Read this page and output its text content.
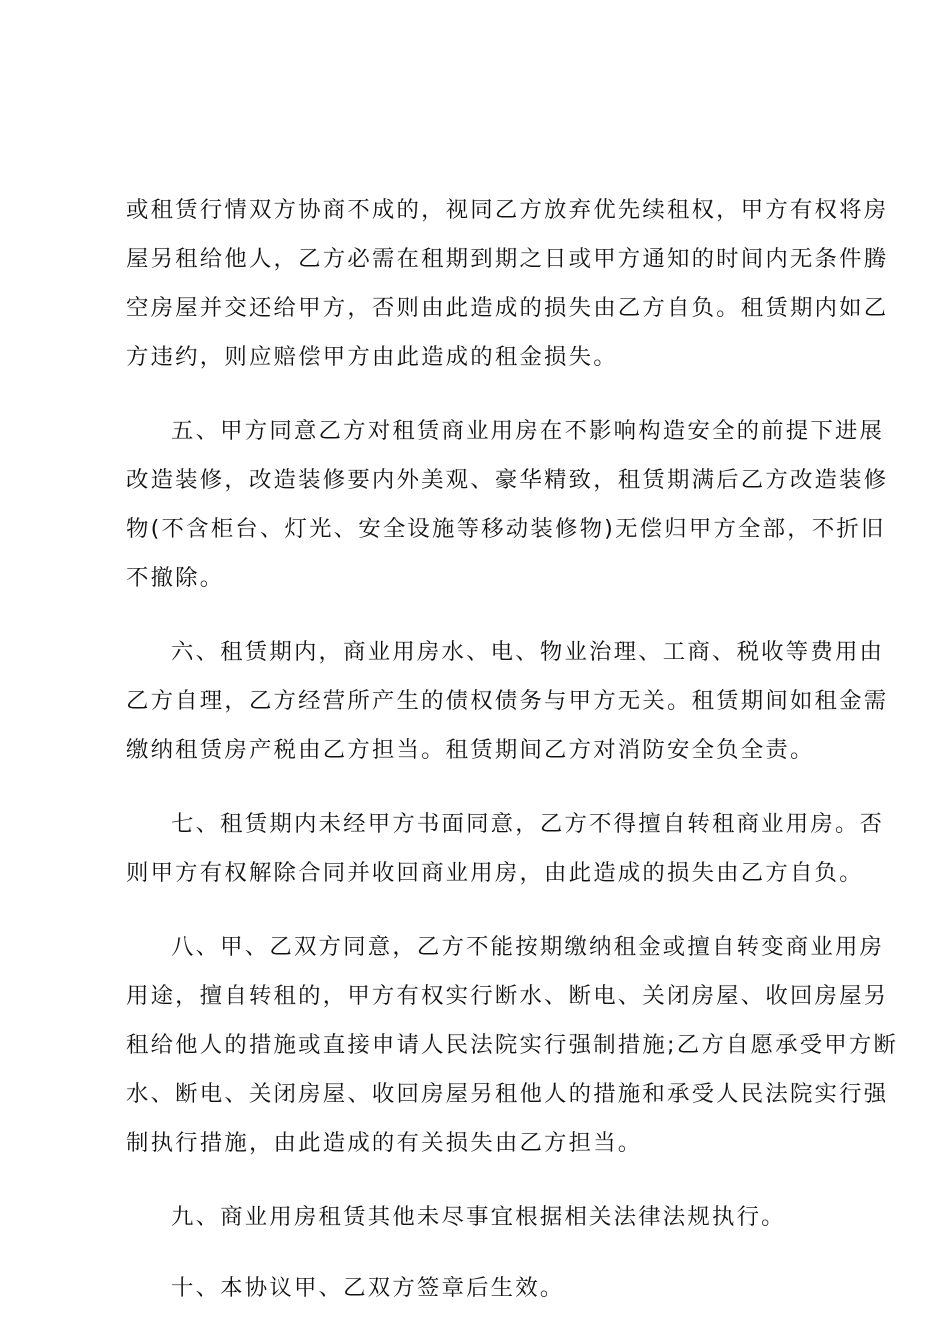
或租赁行情双方协商不成的，视同乙方放弃优先续租权，甲方有权将房
屋另租给他人，乙方必需在租期到期之日或甲方通知的时间内无条件腾
空房屋并交还给甲方，否则由此造成的损失由乙方自负。租赁期内如乙
方违约，则应赔偿甲方由此造成的租金损失。
五、甲方同意乙方对租赁商业用房在不影响构造安全的前提下进展
改造装修，改造装修要内外美观、豪华精致，租赁期满后乙方改造装修
物(不含柜台、灯光、安全设施等移动装修物)无偿归甲方全部，不折旧
不撤除。
六、租赁期内，商业用房水、电、物业治理、工商、税收等费用由
乙方自理，乙方经营所产生的债权债务与甲方无关。租赁期间如租金需
缴纳租赁房产税由乙方担当。租赁期间乙方对消防安全负全责。
七、租赁期内未经甲方书面同意，乙方不得擅自转租商业用房。否
则甲方有权解除合同并收回商业用房，由此造成的损失由乙方自负。
八、甲、乙双方同意，乙方不能按期缴纳租金或擅自转变商业用房
用途，擅自转租的，甲方有权实行断水、断电、关闭房屋、收回房屋另
租给他人的措施或直接申请人民法院实行强制措施;乙方自愿承受甲方断
水、断电、关闭房屋、收回房屋另租他人的措施和承受人民法院实行强
制执行措施，由此造成的有关损失由乙方担当。
九、商业用房租赁其他未尽事宜根据相关法律法规执行。
十、本协议甲、乙双方签章后生效。
